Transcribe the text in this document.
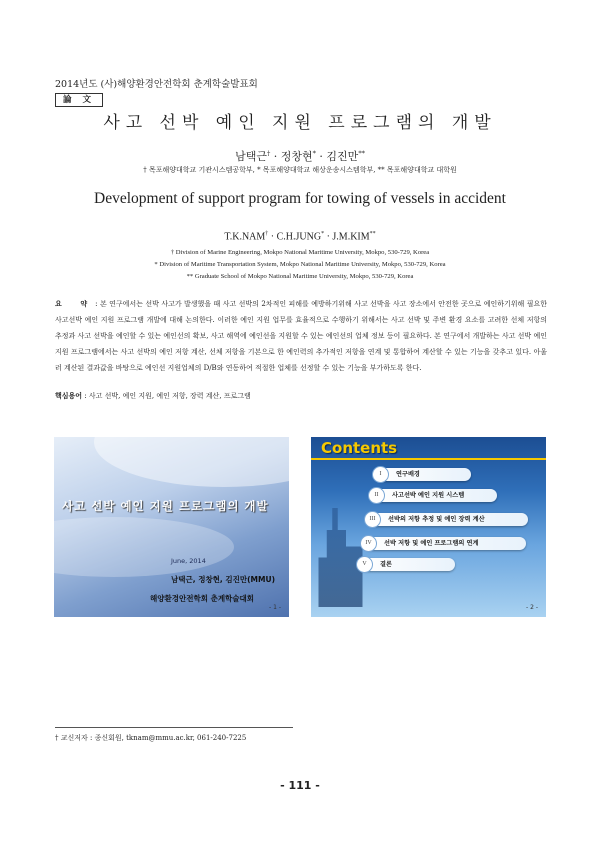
2014년도 (사)해양환경안전학회 춘계학술발표회
論 文
사고 선박 예인 지원 프로그램의 개발
남택근† · 정창현* · 김진만**
† 목포해양대학교 기관시스템공학부, * 목포해양대학교 해상운송시스템학부, ** 목포해양대학교 대학원
Development of support program for towing of vessels in accident
T.K.NAM† · C.H.JUNG* · J.M.KIM**
† Division of Marine Engineering, Mokpo National Maritime University, Mokpo, 530-729, Korea
* Division of Maritime Transportation System, Mokpo National Maritime University, Mokpo, 530-729, Korea
** Graduate School of Mokpo National Maritime University, Mokpo, 530-729, Korea
요 약: 본 연구에서는 선박 사고가 발생했을 때 사고 선박의 2차적인 피해를 예방하기위해 사고 선박을 사고 장소에서 안전한 곳으로 예인하기위해 필요한 사고선박 예인 지원 프로그램 개발에 대해 논의한다. 이러한 예인 지원 업무를 효율적으로 수행하기 위해서는 사고 선박 및 주변 환경 요소를 고려한 선체 저항의 추정과 사고 선박을 예인할 수 있는 예인선의 확보, 사고 해역에 예인선을 지원할 수 있는 예인선의 업체 정보 등이 필요하다. 본 연구에서 개발하는 사고 선박 예인 지원 프로그램에서는 사고 선박의 예인 저항 계산, 선체 저항을 기본으로 한 예인력의 추가적인 저항을 연계 및 통합하여 계산할 수 있는 기능을 갖추고 있다. 아울러 계산된 결과값을 바탕으로 예인선 지원업체의 D/B와 연동하여 적절한 업체를 선정할 수 있는 기능을 부가하도록 한다.
핵심용어 : 사고 선박, 예인 지원, 예인 저항, 장력 계산, 프로그램
사고 선박 예인 지원 프로그램의 개발
June, 2014
남택근, 정창현, 김진만(MMU)
해양환경안전학회 춘계학술대회
- 1 -
Contents
I	연구배경
II	사고선박 예인 지원 시스템
III	선박의 저항 추정 및 예인 장력 계산
IV	선박 저항 및 예인 프로그램의 연계
V	결론
- 2 -
† 교신저자 : 종신회원, tknam@mmu.ac.kr, 061-240-7225
- 111 -
